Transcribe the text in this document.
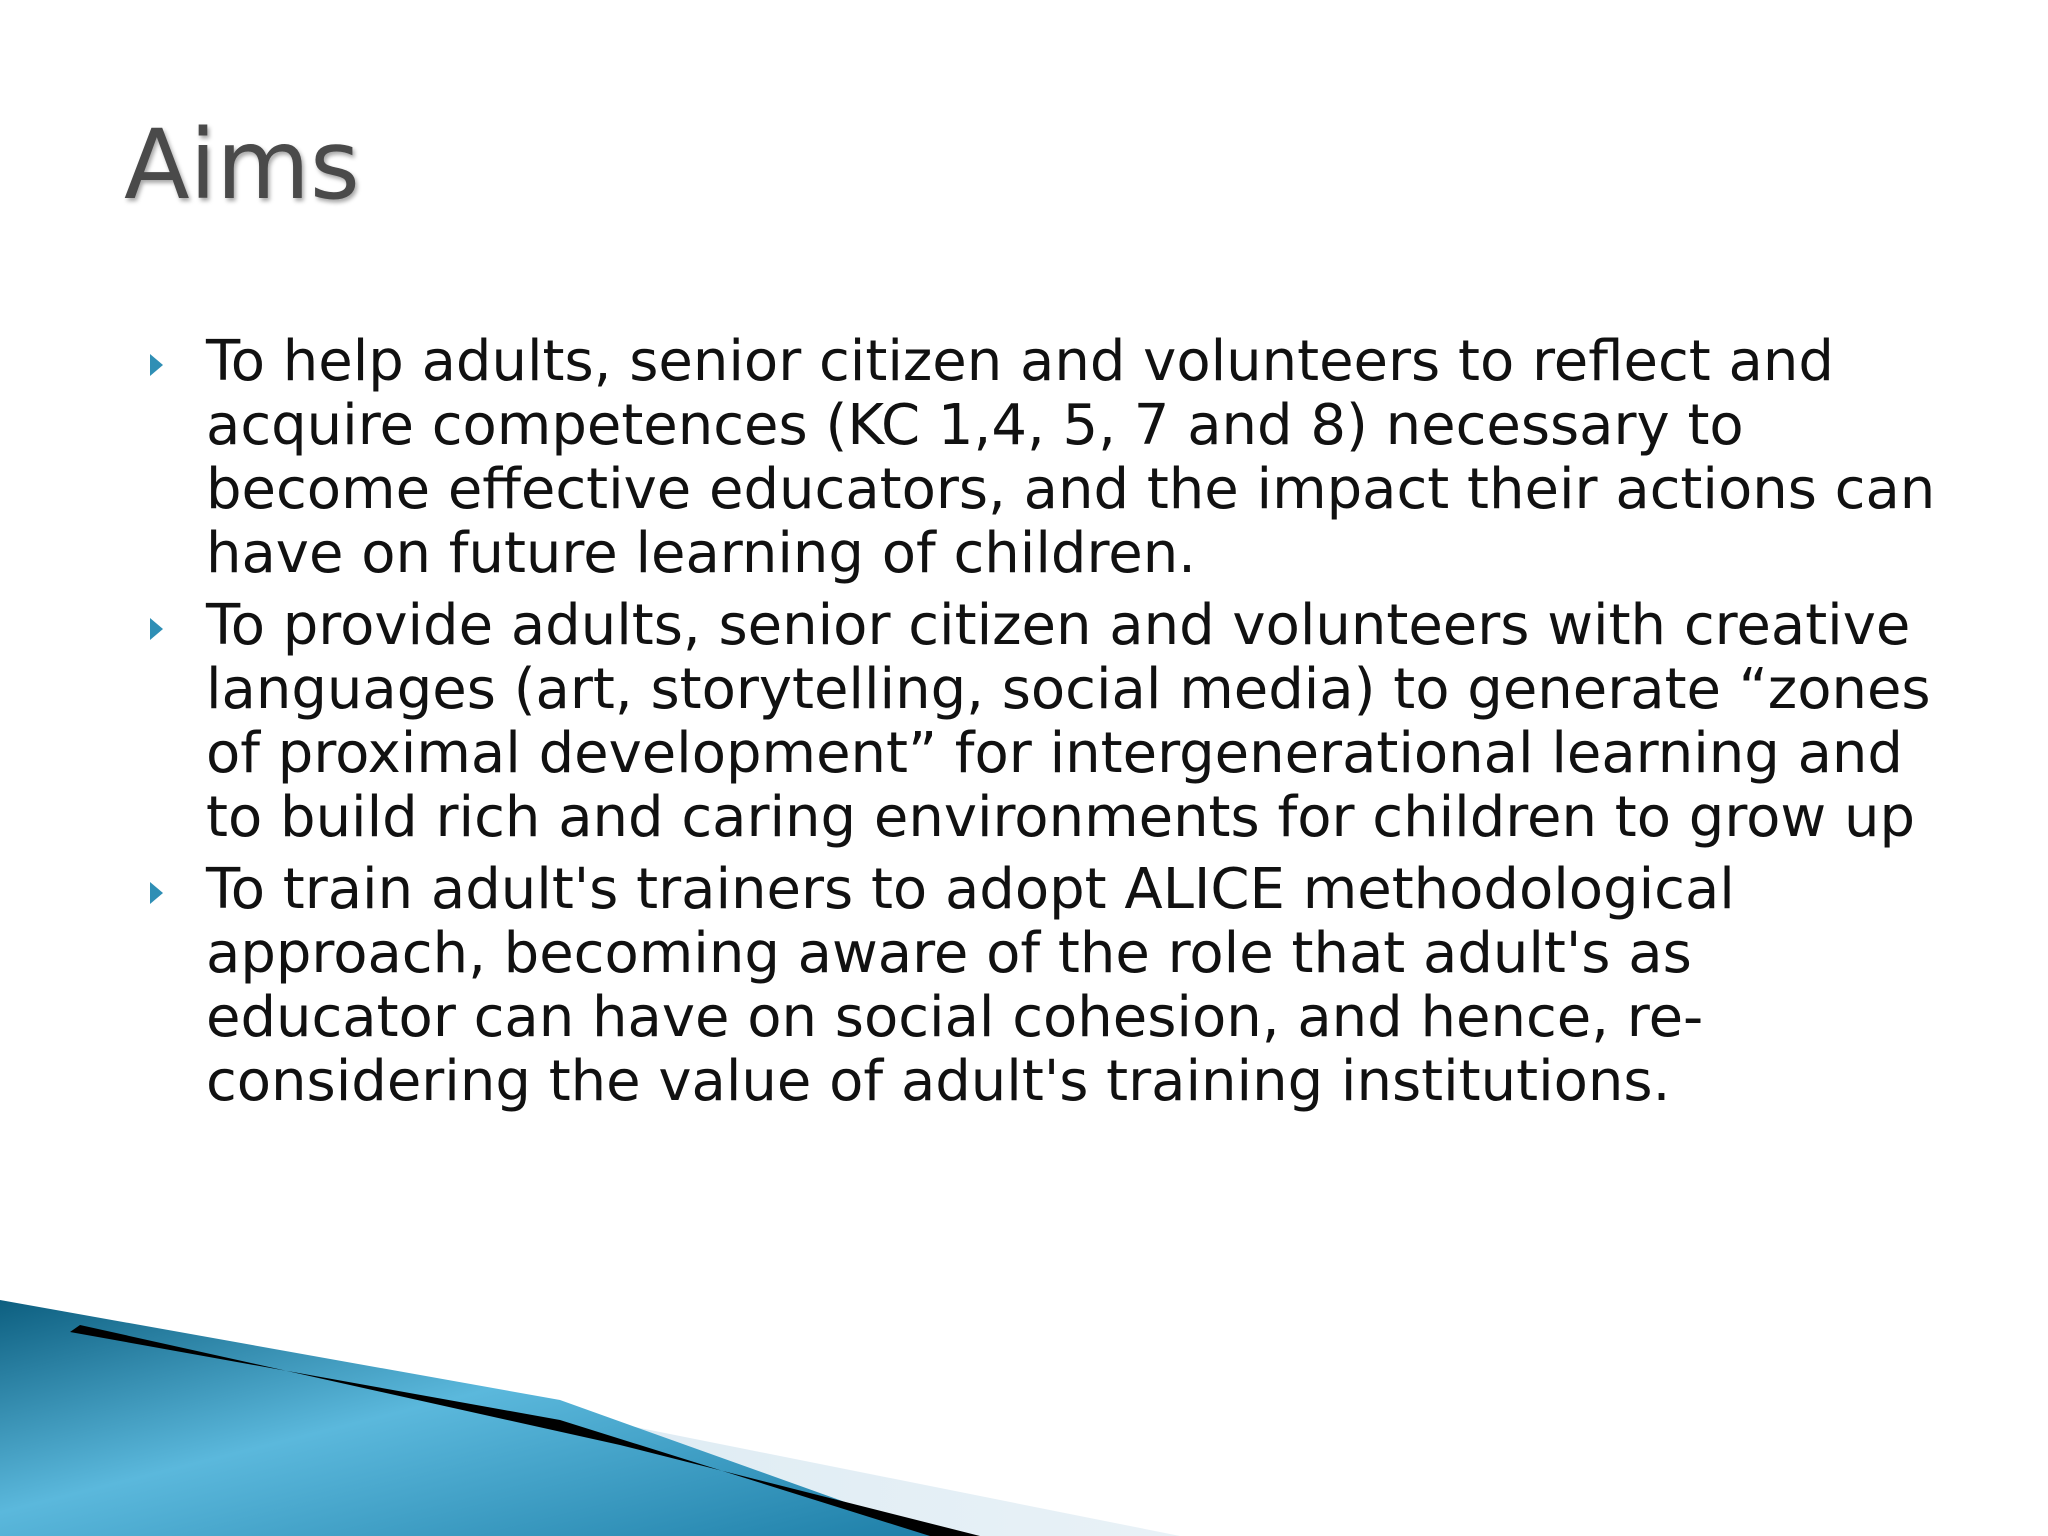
Aims
To help adults, senior citizen and volunteers to reflect and acquire competences (KC 1,4, 5, 7 and 8) necessary to become effective educators, and the impact their actions can have on future learning of children.
To provide adults, senior citizen and volunteers with creative languages (art, storytelling, social media) to generate “zones of proximal development” for intergenerational learning and to build rich and caring environments for children to grow up
To train adult's trainers to adopt ALICE methodological approach, becoming aware of the role that adult's as educator can have on social cohesion, and hence, re-considering the value of adult's training institutions.
